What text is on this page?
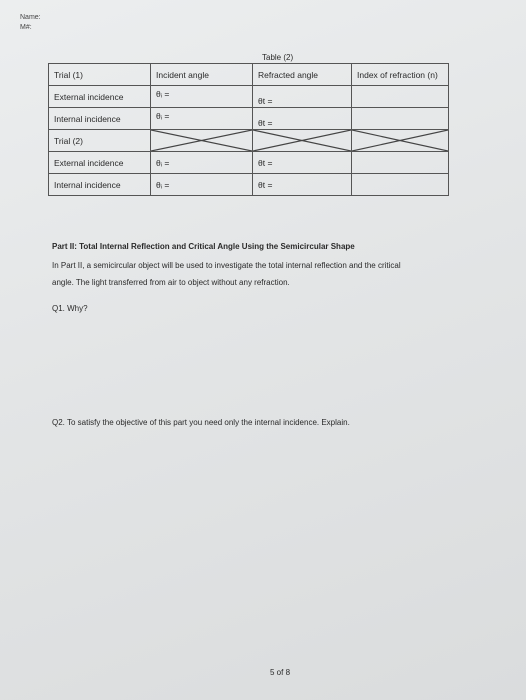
Name:
M#:
Table (2)
Trial (1)	Incident angle	Refracted angle	Index of refraction (n)
External incidence	θᵢ =	θt =	
Internal incidence	θᵢ =	θt =	
Trial (2)	

External incidence	θᵢ =	θt =	
Internal incidence	θᵢ =	θt =	
Part II: Total Internal Reflection and Critical Angle Using the Semicircular Shape
In Part II, a semicircular object will be used to investigate the total internal reflection and the critical
angle. The light transferred from air to object without any refraction.
Q1. Why?
Q2. To satisfy the objective of this part you need only the internal incidence. Explain.
5 of 8
